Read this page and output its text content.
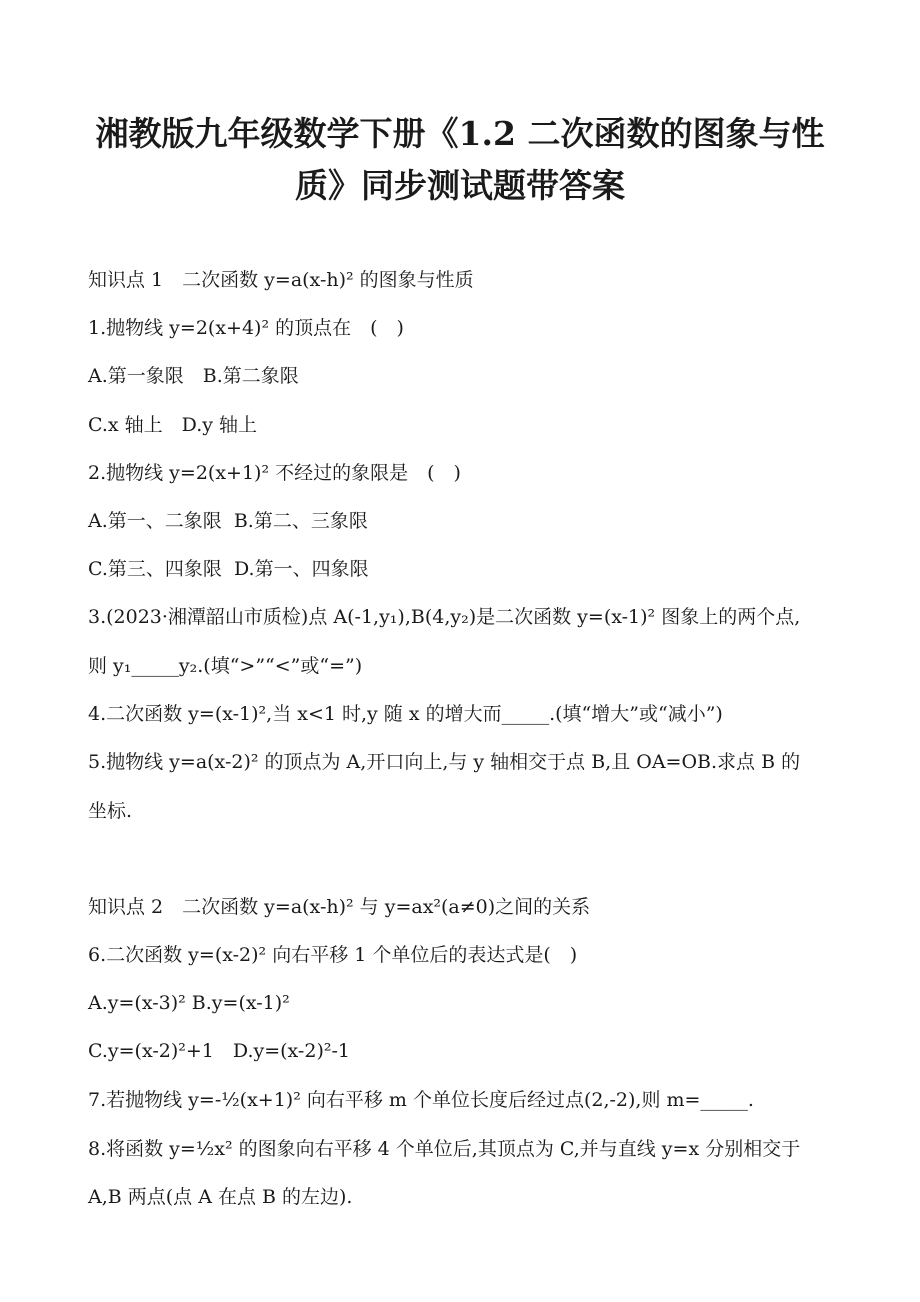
湘教版九年级数学下册《1.2 二次函数的图象与性
质》同步测试题带答案
知识点 1　二次函数 y=a(x-h)² 的图象与性质
1.抛物线 y=2(x+4)² 的顶点在　(　)
A.第一象限　B.第二象限
C.x 轴上　D.y 轴上
2.抛物线 y=2(x+1)² 不经过的象限是　(　)
A.第一、二象限  B.第二、三象限
C.第三、四象限  D.第一、四象限
3.(2023·湘潭韶山市质检)点 A(-1,y₁),B(4,y₂)是二次函数 y=(x-1)² 图象上的两个点,
则 y₁_____y₂.(填“>”“<”或“=”)
4.二次函数 y=(x-1)²,当 x<1 时,y 随 x 的增大而_____.(填“增大”或“减小”)
5.抛物线 y=a(x-2)² 的顶点为 A,开口向上,与 y 轴相交于点 B,且 OA=OB.求点 B 的
坐标.
知识点 2　二次函数 y=a(x-h)² 与 y=ax²(a≠0)之间的关系
6.二次函数 y=(x-2)² 向右平移 1 个单位后的表达式是(　)
A.y=(x-3)² B.y=(x-1)²
C.y=(x-2)²+1　D.y=(x-2)²-1
7.若抛物线 y=-½(x+1)² 向右平移 m 个单位长度后经过点(2,-2),则 m=_____.
8.将函数 y=½x² 的图象向右平移 4 个单位后,其顶点为 C,并与直线 y=x 分别相交于
A,B 两点(点 A 在点 B 的左边).
